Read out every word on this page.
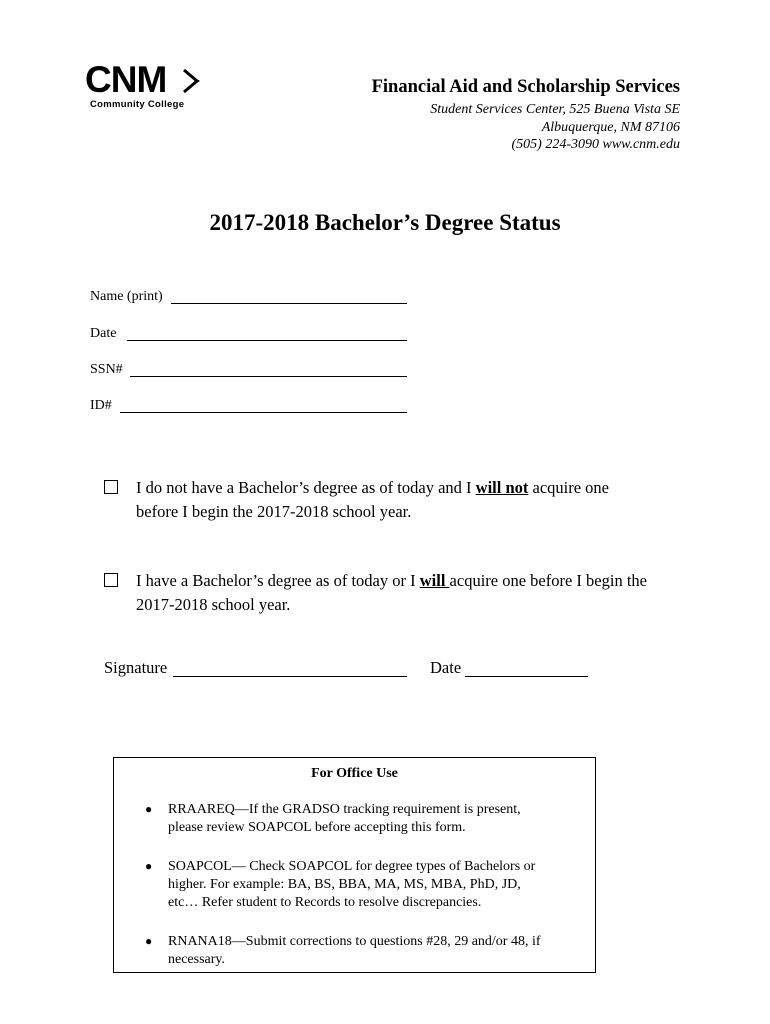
CNM
Community College
Financial Aid and Scholarship Services
Student Services Center, 525 Buena Vista SE
Albuquerque, NM 87106
(505) 224-3090 www.cnm.edu
2017-2018 Bachelor’s Degree Status
Name (print)
Date
SSN#
ID#
I do not have a Bachelor’s degree as of today and I will not acquire one
before I begin the 2017-2018 school year.
I have a Bachelor’s degree as of today or I will acquire one before I begin the
2017-2018 school year.
Signature	Date
For Office Use
● RRAAREQ—If the GRADSO tracking requirement is present,
please review SOAPCOL before accepting this form.
● SOAPCOL— Check SOAPCOL for degree types of Bachelors or
higher. For example: BA, BS, BBA, MA, MS, MBA, PhD, JD,
etc… Refer student to Records to resolve discrepancies.
● RNANA18—Submit corrections to questions #28, 29 and/or 48, if
necessary.
